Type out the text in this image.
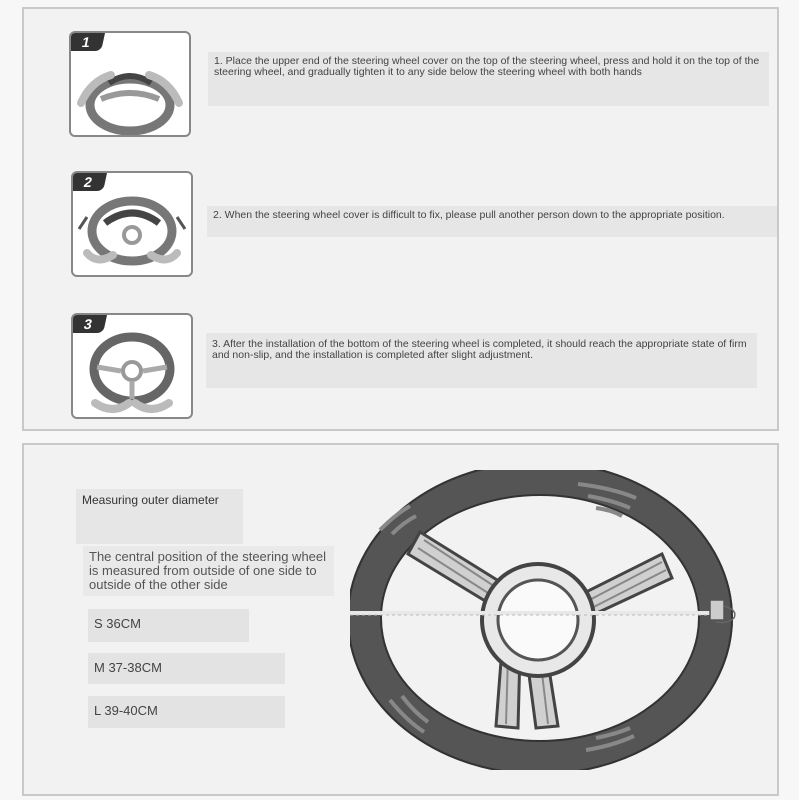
1
1. Place the upper end of the steering wheel cover on the top of the steering wheel, press and hold it on the top of the steering wheel, and gradually tighten it to any side below the steering wheel with both hands
2
2. When the steering wheel cover is difficult to fix, please pull another person down to the appropriate position.
3
3. After the installation of the bottom of the steering wheel is completed, it should reach the appropriate state of firm and non-slip, and the installation is completed after slight adjustment.
Measuring outer diameter
The central position of the steering wheel is measured from outside of one side to outside of the other side
S 36CM
M 37-38CM
L 39-40CM
